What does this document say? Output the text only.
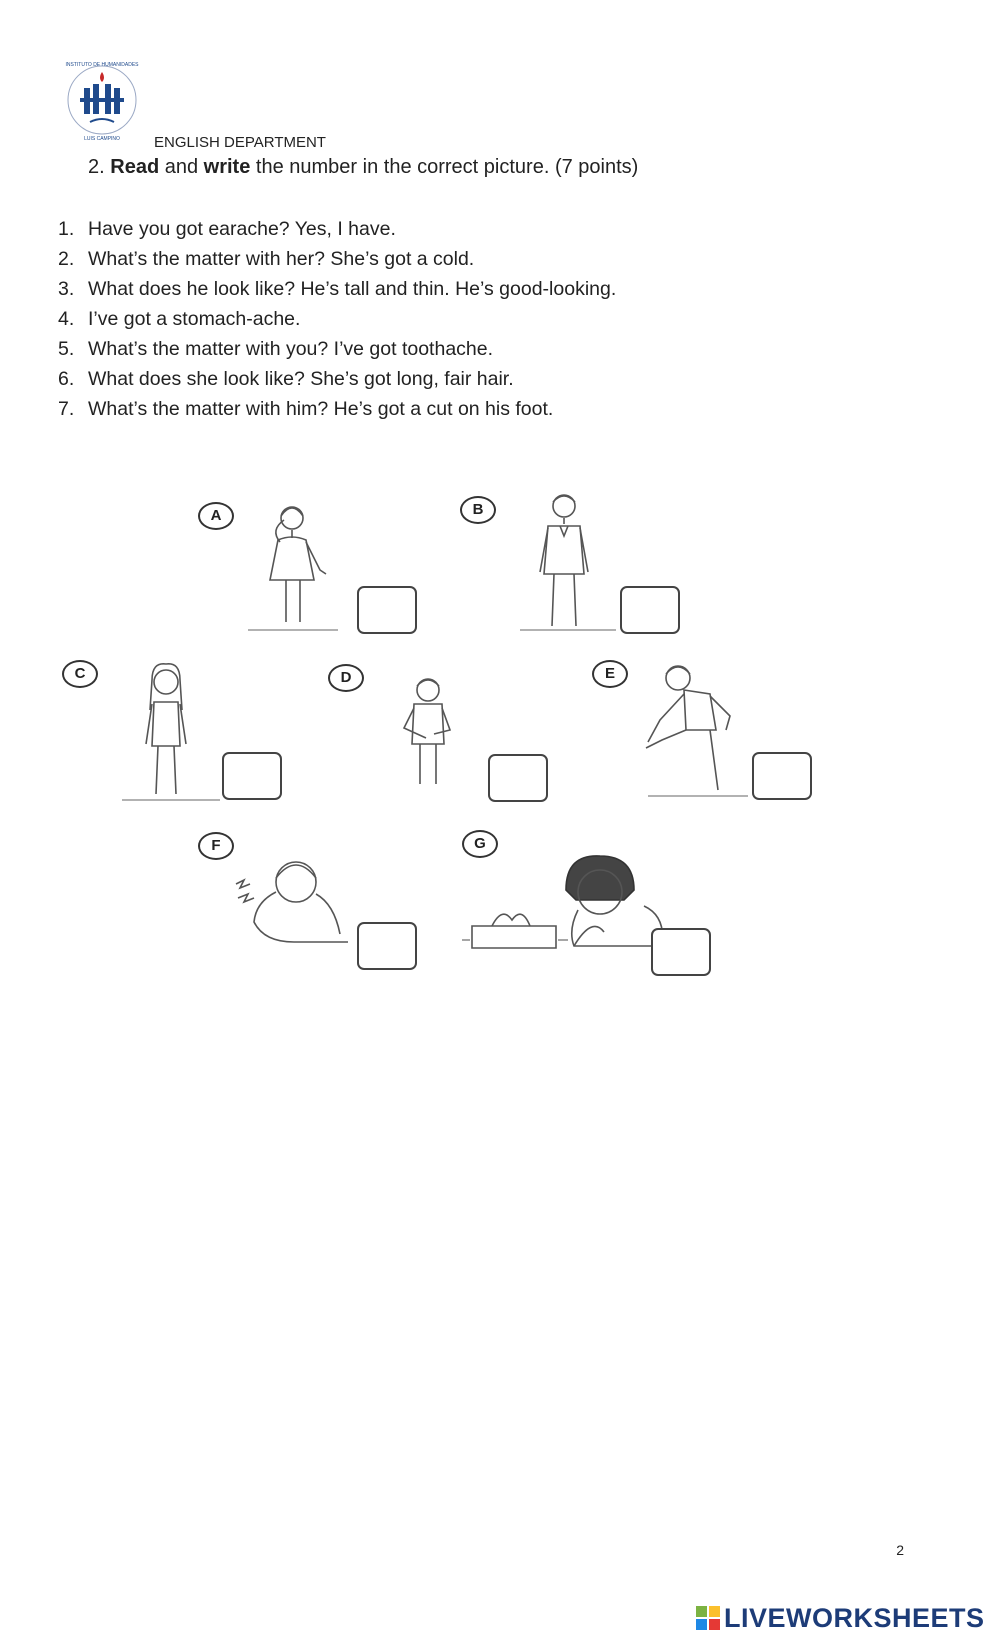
INSTITUTO DE HUMANIDADES
LUIS CAMPINO ENGLISH DEPARTMENT
2. Read and write the number in the correct picture. (7 points)
1. Have you got earache? Yes, I have.
2. What’s the matter with her? She’s got a cold.
3. What does he look like? He’s tall and thin. He’s good-looking.
4. I’ve got a stomach-ache.
5. What’s the matter with you? I’ve got toothache.
6. What does she look like? She’s got long, fair hair.
7. What’s the matter with him? He’s got a cut on his foot.
A	B
C	D	E
F	G
2
LIVEWORKSHEETS
